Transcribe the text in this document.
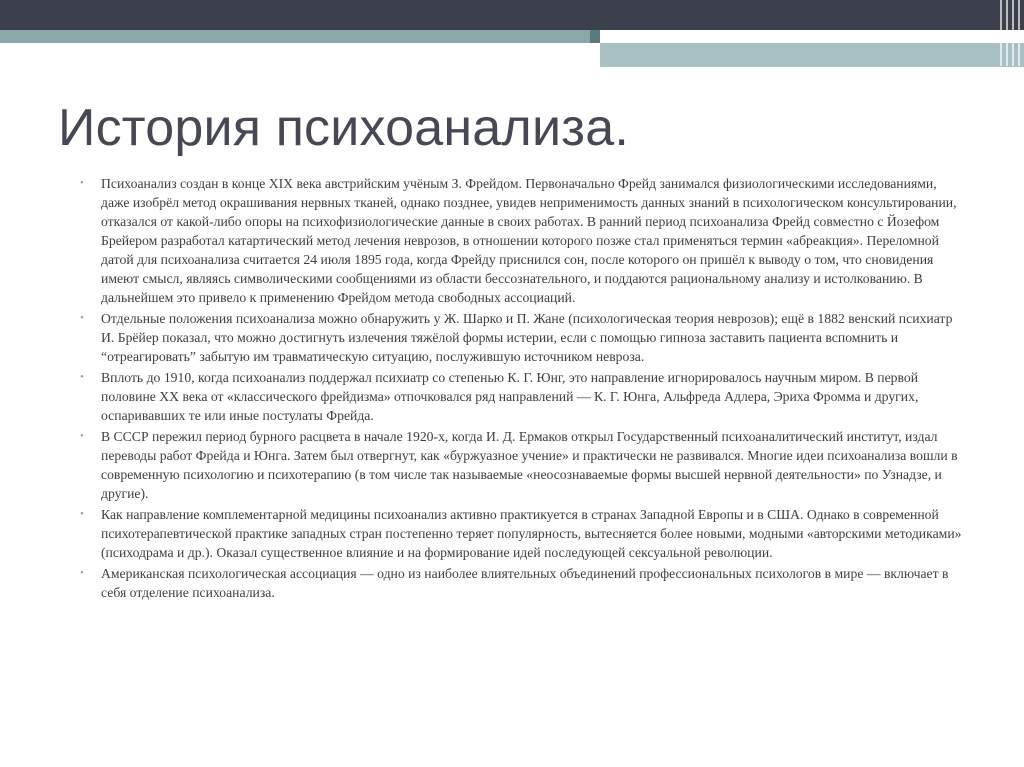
История психоанализа.
• Психоанализ создан в конце XIX века австрийским учёным З. Фрейдом. Первоначально Фрейд занимался физиологическими исследованиями, даже изобрёл метод окрашивания нервных тканей, однако позднее, увидев неприменимость данных знаний в психологическом консультировании, отказался от какой-либо опоры на психофизиологические данные в своих работах. В ранний период психоанализа Фрейд совместно с Йозефом Брейером разработал катартический метод лечения неврозов, в отношении которого позже стал применяться термин «абреакция». Переломной датой для психоанализа считается 24 июля 1895 года, когда Фрейду приснился сон, после которого он пришёл к выводу о том, что сновидения имеют смысл, являясь символическими сообщениями из области бессознательного, и поддаются рациональному анализу и истолкованию. В дальнейшем это привело к применению Фрейдом метода свободных ассоциаций.
• Отдельные положения психоанализа можно обнаружить у Ж. Шарко и П. Жане (психологическая теория неврозов); ещё в 1882 венский психиатр И. Брёйер показал, что можно достигнуть излечения тяжёлой формы истерии, если с помощью гипноза заставить пациента вспомнить и “отреагировать” забытую им травматическую ситуацию, послужившую источником невроза.
• Вплоть до 1910, когда психоанализ поддержал психиатр со степенью К. Г. Юнг, это направление игнорировалось научным миром. В первой половине XX века от «классического фрейдизма» отпочковался ряд направлений — К. Г. Юнга, Альфреда Адлера, Эриха Фромма и других, оспаривавших те или иные постулаты Фрейда.
• В СССР пережил период бурного расцвета в начале 1920-х, когда И. Д. Ермаков открыл Государственный психоаналитический институт, издал переводы работ Фрейда и Юнга. Затем был отвергнут, как «буржуазное учение» и практически не развивался. Многие идеи психоанализа вошли в современную психологию и психотерапию (в том числе так называемые «неосознаваемые формы высшей нервной деятельности» по Узнадзе, и другие).
• Как направление комплементарной медицины психоанализ активно практикуется в странах Западной Европы и в США. Однако в современной психотерапевтической практике западных стран постепенно теряет популярность, вытесняется более новыми, модными «авторскими методиками» (психодрама и др.). Оказал существенное влияние и на формирование идей последующей сексуальной революции.
• Американская психологическая ассоциация — одно из наиболее влиятельных объединений профессиональных психологов в мире — включает в себя отделение психоанализа.
